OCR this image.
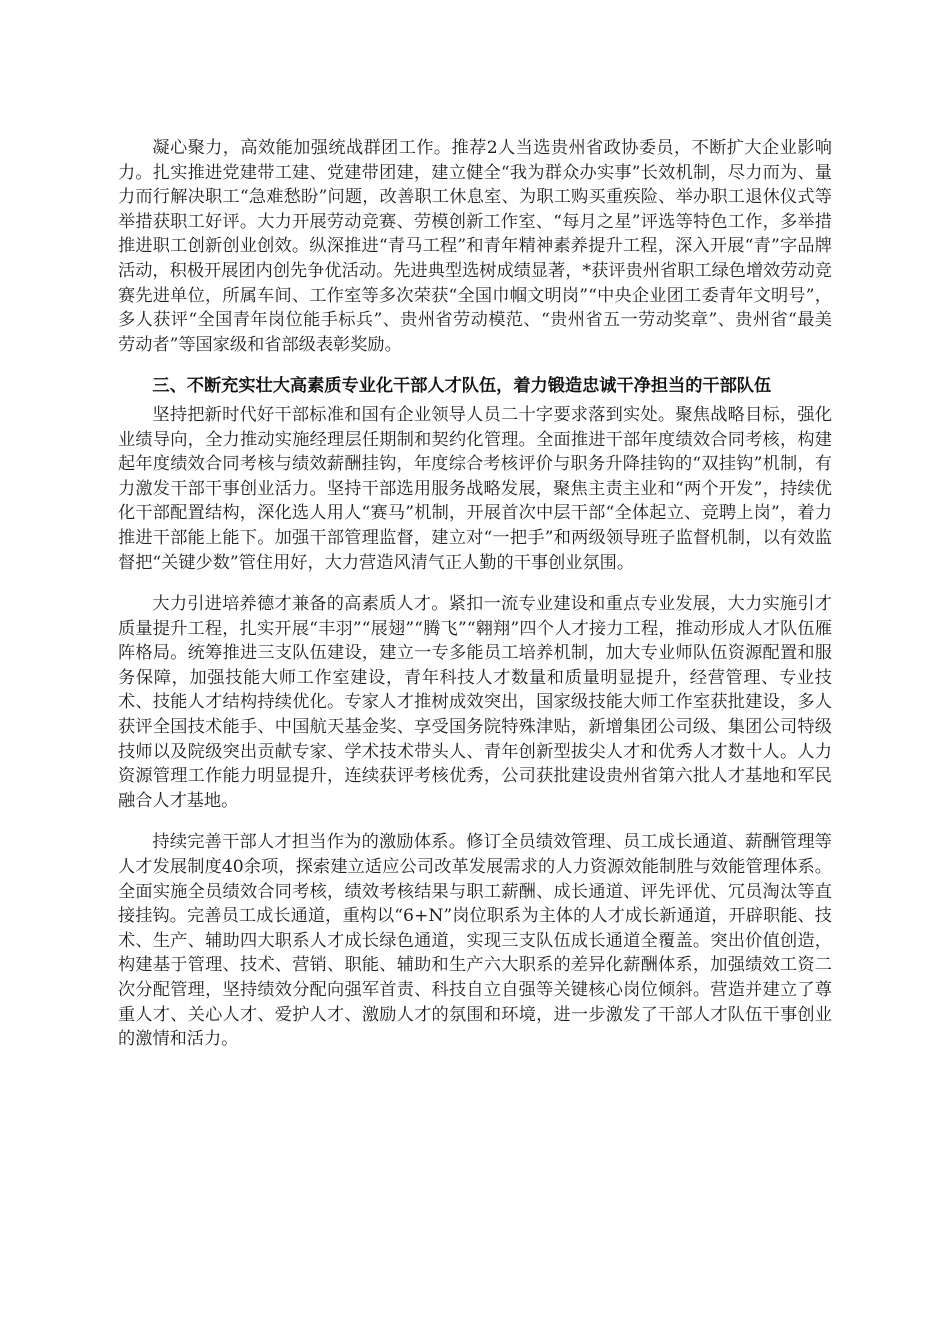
凝心聚力，高效能加强统战群团工作。推荐2人当选贵州省政协委员，不断扩大企业影响力。扎实推进党建带工建、党建带团建，建立健全“我为群众办实事”长效机制，尽力而为、量力而行解决职工“急难愁盼”问题，改善职工休息室、为职工购买重疾险、举办职工退休仪式等举措获职工好评。大力开展劳动竞赛、劳模创新工作室、“每月之星”评选等特色工作，多举措推进职工创新创业创效。纵深推进“青马工程”和青年精神素养提升工程，深入开展“青”字品牌活动，积极开展团内创先争优活动。先进典型选树成绩显著，*获评贵州省职工绿色增效劳动竞赛先进单位，所属车间、工作室等多次荣获“全国巾帼文明岗”“中央企业团工委青年文明号”，多人获评“全国青年岗位能手标兵”、贵州省劳动模范、“贵州省五一劳动奖章”、贵州省“最美劳动者”等国家级和省部级表彰奖励。

三、不断充实壮大高素质专业化干部人才队伍，着力锻造忠诚干净担当的干部队伍

坚持把新时代好干部标准和国有企业领导人员二十字要求落到实处。聚焦战略目标，强化业绩导向，全力推动实施经理层任期制和契约化管理。全面推进干部年度绩效合同考核，构建起年度绩效合同考核与绩效薪酬挂钩，年度综合考核评价与职务升降挂钩的“双挂钩”机制，有力激发干部干事创业活力。坚持干部选用服务战略发展，聚焦主责主业和“两个开发”，持续优化干部配置结构，深化选人用人“赛马”机制，开展首次中层干部“全体起立、竞聘上岗”，着力推进干部能上能下。加强干部管理监督，建立对“一把手”和两级领导班子监督机制，以有效监督把“关键少数”管住用好，大力营造风清气正人勤的干事创业氛围。

大力引进培养德才兼备的高素质人才。紧扣一流专业建设和重点专业发展，大力实施引才质量提升工程，扎实开展“丰羽”“展翅”“腾飞”“翱翔”四个人才接力工程，推动形成人才队伍雁阵格局。统筹推进三支队伍建设，建立一专多能员工培养机制，加大专业师队伍资源配置和服务保障，加强技能大师工作室建设，青年科技人才数量和质量明显提升，经营管理、专业技术、技能人才结构持续优化。专家人才推树成效突出，国家级技能大师工作室获批建设，多人获评全国技术能手、中国航天基金奖、享受国务院特殊津贴，新增集团公司级、集团公司特级技师以及院级突出贡献专家、学术技术带头人、青年创新型拔尖人才和优秀人才数十人。人力资源管理工作能力明显提升，连续获评考核优秀，公司获批建设贵州省第六批人才基地和军民融合人才基地。

持续完善干部人才担当作为的激励体系。修订全员绩效管理、员工成长通道、薪酬管理等人才发展制度40余项，探索建立适应公司改革发展需求的人力资源效能制胜与效能管理体系。全面实施全员绩效合同考核，绩效考核结果与职工薪酬、成长通道、评先评优、冗员淘汰等直接挂钩。完善员工成长通道，重构以“6+N”岗位职系为主体的人才成长新通道，开辟职能、技术、生产、辅助四大职系人才成长绿色通道，实现三支队伍成长通道全覆盖。突出价值创造，构建基于管理、技术、营销、职能、辅助和生产六大职系的差异化薪酬体系，加强绩效工资二次分配管理，坚持绩效分配向强军首责、科技自立自强等关键核心岗位倾斜。营造并建立了尊重人才、关心人才、爱护人才、激励人才的氛围和环境，进一步激发了干部人才队伍干事创业的激情和活力。
